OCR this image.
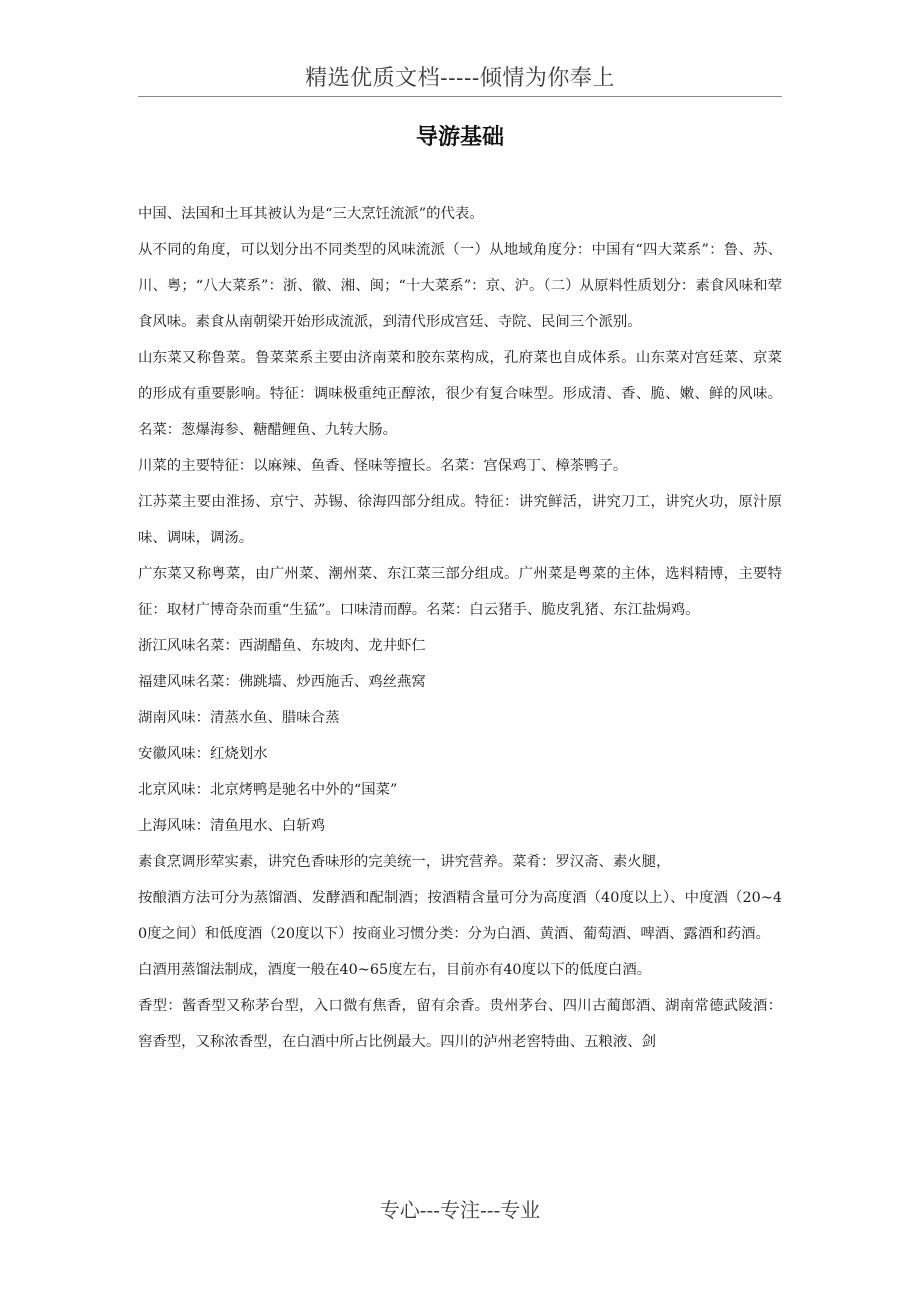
精选优质文档-----倾情为你奉上
导游基础

中国、法国和土耳其被认为是“三大烹饪流派”的代表。

从不同的角度，可以划分出不同类型的风味流派（一）从地域角度分：中国有“四大菜系”：鲁、苏、川、粤；“八大菜系”：浙、徽、湘、闽；“十大菜系”：京、沪。（二）从原料性质划分：素食风味和荤食风味。素食从南朝梁开始形成流派，到清代形成宫廷、寺院、民间三个派别。

山东菜又称鲁菜。鲁菜菜系主要由济南菜和胶东菜构成，孔府菜也自成体系。山东菜对宫廷菜、京菜的形成有重要影响。特征：调味极重纯正醇浓，很少有复合味型。形成清、香、脆、嫩、鲜的风味。名菜：葱爆海参、糖醋鲤鱼、九转大肠。

川菜的主要特征：以麻辣、鱼香、怪味等擅长。名菜：宫保鸡丁、樟茶鸭子。

江苏菜主要由淮扬、京宁、苏锡、徐海四部分组成。特征：讲究鲜活，讲究刀工，讲究火功，原汁原味、调味，调汤。

广东菜又称粤菜，由广州菜、潮州菜、东江菜三部分组成。广州菜是粤菜的主体，选料精博，主要特征：取材广博奇杂而重“生猛”。口味清而醇。名菜：白云猪手、脆皮乳猪、东江盐焗鸡。

浙江风味名菜：西湖醋鱼、东坡肉、龙井虾仁

福建风味名菜：佛跳墙、炒西施舌、鸡丝燕窝

湖南风味：清蒸水鱼、腊味合蒸

安徽风味：红烧划水

北京风味：北京烤鸭是驰名中外的“国菜”

上海风味：清鱼甩水、白斩鸡

素食烹调形荤实素，讲究色香味形的完美统一，讲究营养。菜肴：罗汉斋、素火腿，

按酿酒方法可分为蒸馏酒、发酵酒和配制酒；按酒精含量可分为高度酒（40度以上）、中度酒（20~40度之间）和低度酒（20度以下）按商业习惯分类：分为白酒、黄酒、葡萄酒、啤酒、露酒和药酒。

白酒用蒸馏法制成，酒度一般在40~65度左右，目前亦有40度以下的低度白酒。

香型：酱香型又称茅台型，入口微有焦香，留有余香。贵州茅台、四川古蔺郎酒、湖南常德武陵酒：窖香型，又称浓香型，在白酒中所占比例最大。四川的泸州老窖特曲、五粮液、剑

专心---专注---专业
